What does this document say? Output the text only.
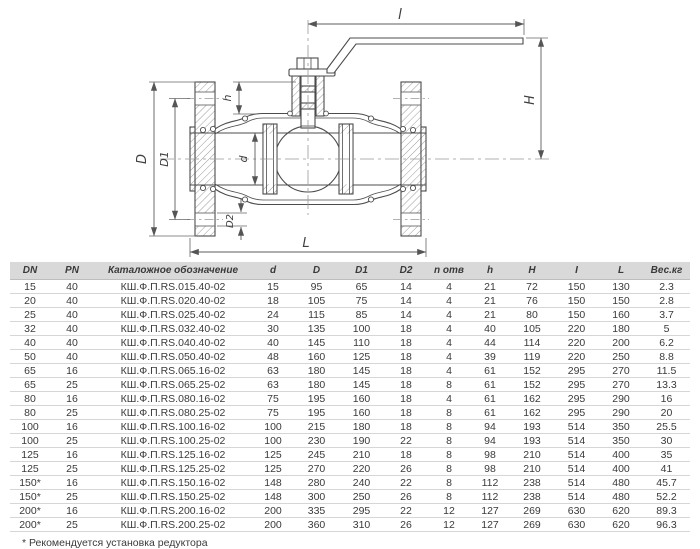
l
H
h
d
D D1
D2
L
DN	PN	Каталожное обозначение	d	D	D1	D2	n отв	h	H	I	L	Вес.кг
15	40	КШ.Ф.П.RS.015.40-02	15	95	65	14	4	21	72	150	130	2.3
20	40	КШ.Ф.П.RS.020.40-02	18	105	75	14	4	21	76	150	150	2.8
25	40	КШ.Ф.П.RS.025.40-02	24	115	85	14	4	21	80	150	160	3.7
32	40	КШ.Ф.П.RS.032.40-02	30	135	100	18	4	40	105	220	180	5
40	40	КШ.Ф.П.RS.040.40-02	40	145	110	18	4	44	114	220	200	6.2
50	40	КШ.Ф.П.RS.050.40-02	48	160	125	18	4	39	119	220	250	8.8
65	16	КШ.Ф.П.RS.065.16-02	63	180	145	18	4	61	152	295	270	11.5
65	25	КШ.Ф.П.RS.065.25-02	63	180	145	18	8	61	152	295	270	13.3
80	16	КШ.Ф.П.RS.080.16-02	75	195	160	18	4	61	162	295	290	16
80	25	КШ.Ф.П.RS.080.25-02	75	195	160	18	8	61	162	295	290	20
100	16	КШ.Ф.П.RS.100.16-02	100	215	180	18	8	94	193	514	350	25.5
100	25	КШ.Ф.П.RS.100.25-02	100	230	190	22	8	94	193	514	350	30
125	16	КШ.Ф.П.RS.125.16-02	125	245	210	18	8	98	210	514	400	35
125	25	КШ.Ф.П.RS.125.25-02	125	270	220	26	8	98	210	514	400	41
150*	16	КШ.Ф.П.RS.150.16-02	148	280	240	22	8	112	238	514	480	45.7
150*	25	КШ.Ф.П.RS.150.25-02	148	300	250	26	8	112	238	514	480	52.2
200*	16	КШ.Ф.П.RS.200.16-02	200	335	295	22	12	127	269	630	620	89.3
200*	25	КШ.Ф.П.RS.200.25-02	200	360	310	26	12	127	269	630	620	96.3
* Рекомендуется установка редуктора
